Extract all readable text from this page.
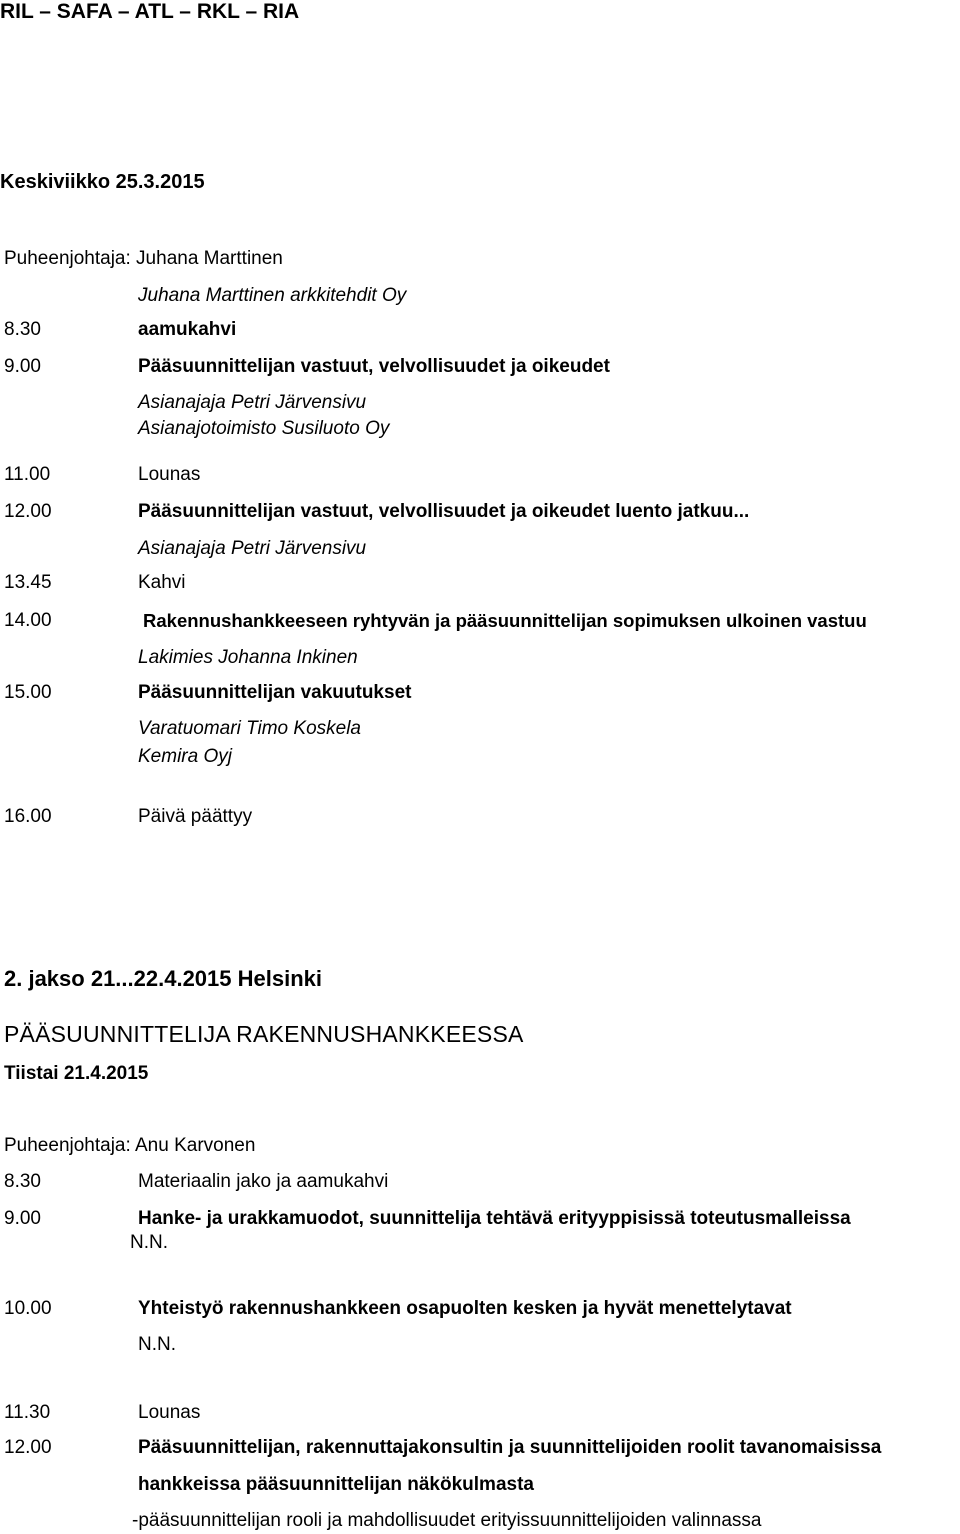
RIL – SAFA – ATL – RKL – RIA
Keskiviikko 25.3.2015
Puheenjohtaja: Juhana Marttinen
Juhana Marttinen arkkitehdit Oy
8.30	aamukahvi
9.00	Pääsuunnittelijan vastuut, velvollisuudet ja oikeudet
Asianajaja Petri Järvensivu
Asianajotoimisto Susiluoto Oy
11.00	Lounas
12.00	Pääsuunnittelijan vastuut, velvollisuudet ja oikeudet luento jatkuu...
Asianajaja Petri Järvensivu
13.45	Kahvi
14.00	Rakennushankkeeseen ryhtyvän ja pääsuunnittelijan sopimuksen ulkoinen vastuu
Lakimies Johanna Inkinen
15.00	Pääsuunnittelijan vakuutukset
Varatuomari Timo Koskela
Kemira Oyj
16.00	Päivä päättyy
2. jakso 21...22.4.2015 Helsinki
PÄÄSUUNNITTELIJA RAKENNUSHANKKEESSA
Tiistai 21.4.2015
Puheenjohtaja: Anu Karvonen
8.30	Materiaalin jako ja aamukahvi
9.00	Hanke- ja urakkamuodot, suunnittelija tehtävä erityyppisissä toteutusmalleissa
N.N.
10.00	Yhteistyö rakennushankkeen osapuolten kesken ja hyvät menettelytavat
N.N.
11.30	Lounas
12.00	Pääsuunnittelijan, rakennuttajakonsultin ja suunnittelijoiden roolit tavanomaisissa
hankkeissa pääsuunnittelijan näkökulmasta
-pääsuunnittelijan rooli ja mahdollisuudet erityissuunnittelijoiden valinnassa
